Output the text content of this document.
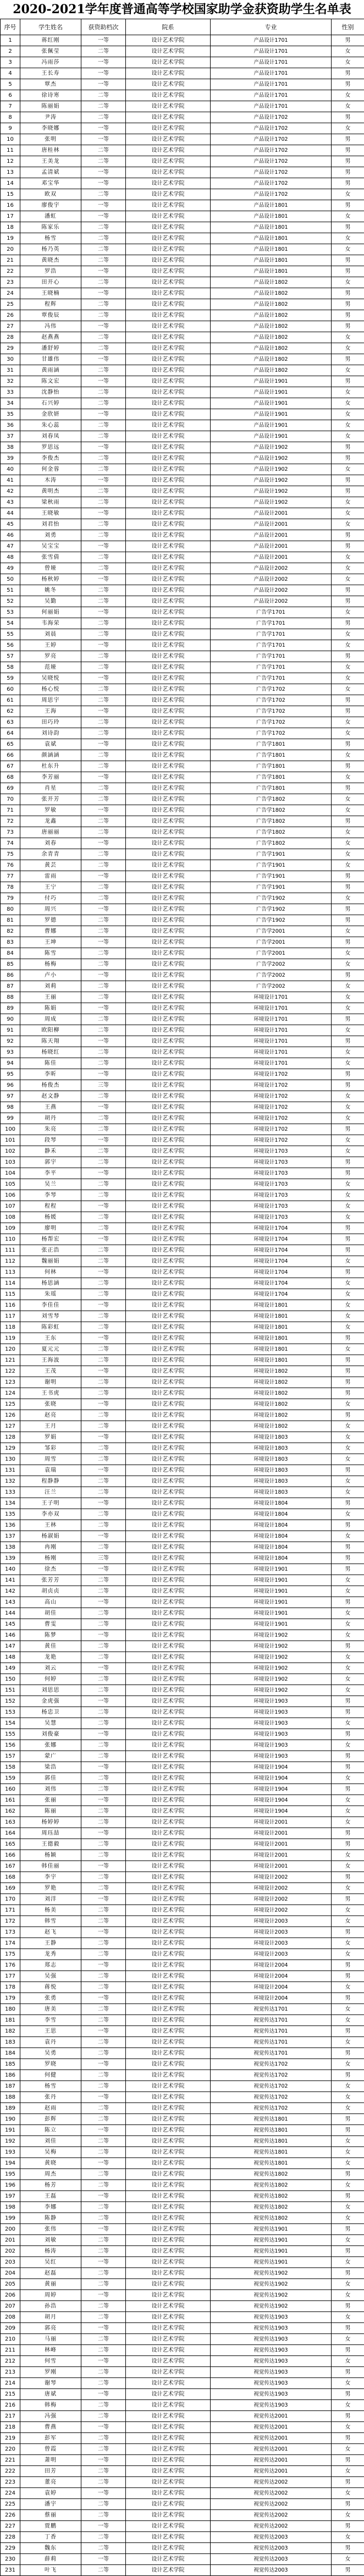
2020-2021学年度普通高等学校国家助学金获资助学生名单表
序号	学生姓名	获资助档次	院系	专业	性别
1	蒋红刚	一等	设计艺术学院	产品设计1701	男
2	张佩莹	二等	设计艺术学院	产品设计1701	女
3	冯雨莎	一等	设计艺术学院	产品设计1701	女
4	王长寿	一等	设计艺术学院	产品设计1701	男
5	覃杰	一等	设计艺术学院	产品设计1701	男
6	徐诗寒	二等	设计艺术学院	产品设计1701	女
7	陈丽娟	二等	设计艺术学院	产品设计1701	女
8	尹涛	二等	设计艺术学院	产品设计1702	男
9	李晓娜	一等	设计艺术学院	产品设计1702	女
10	张明	一等	设计艺术学院	产品设计1702	男
11	唐桂林	二等	设计艺术学院	产品设计1702	男
12	王美龙	二等	设计艺术学院	产品设计1702	男
13	孟清斌	一等	设计艺术学院	产品设计1702	男
14	邓宝华	一等	设计艺术学院	产品设计1702	男
15	欧双	二等	设计艺术学院	产品设计1702	女
16	廖俊宇	一等	设计艺术学院	产品设计1801	男
17	潘虹	一等	设计艺术学院	产品设计1801	女
18	陈家乐	二等	设计艺术学院	产品设计1801	男
19	杨雪	二等	设计艺术学院	产品设计1801	女
20	杨乃英	二等	设计艺术学院	产品设计1801	女
21	黄晓杰	二等	设计艺术学院	产品设计1801	男
22	罗浩	一等	设计艺术学院	产品设计1801	男
23	田开心	二等	设计艺术学院	产品设计1802	女
24	王晓楠	一等	设计艺术学院	产品设计1802	男
25	程辉	二等	设计艺术学院	产品设计1802	男
26	覃俊辰	二等	设计艺术学院	产品设计1802	男
27	冯伟	一等	设计艺术学院	产品设计1802	男
28	赵燕燕	二等	设计艺术学院	产品设计1802	女
29	潘舒婷	二等	设计艺术学院	产品设计1802	女
30	甘雄伟	一等	设计艺术学院	产品设计1802	男
31	黄雨涵	二等	设计艺术学院	产品设计1802	女
32	陈文宏	一等	设计艺术学院	产品设计1901	男
33	沈静怡	二等	设计艺术学院	产品设计1901	女
34	石兴婷	二等	设计艺术学院	产品设计1901	女
35	金欣妍	一等	设计艺术学院	产品设计1901	女
36	朱心蕊	二等	设计艺术学院	产品设计1901	女
37	刘春凤	二等	设计艺术学院	产品设计1901	女
38	罗思远	一等	设计艺术学院	产品设计1902	男
39	李俊杰	二等	设计艺术学院	产品设计1902	男
40	何金蓉	二等	设计艺术学院	产品设计1902	女
41	木涛	一等	设计艺术学院	产品设计1902	男
42	黄明杰	二等	设计艺术学院	产品设计1902	男
43	梁秋雨	二等	设计艺术学院	产品设计1902	女
44	王晓敏	一等	设计艺术学院	产品设计2001	女
45	刘君怡	二等	设计艺术学院	产品设计2001	女
46	刘勇	二等	设计艺术学院	产品设计2001	男
47	吴宝宝	一等	设计艺术学院	产品设计2001	男
48	张雪倩	二等	设计艺术学院	产品设计2001	女
49	曾娅	二等	设计艺术学院	产品设计2002	女
50	杨秋婷	一等	设计艺术学院	产品设计2002	女
51	姚冬	二等	设计艺术学院	产品设计2002	男
52	吴勤	二等	设计艺术学院	产品设计2002	男
53	何丽娟	一等	设计艺术学院	广告学1701	女
54	韦海荣	二等	设计艺术学院	广告学1701	男
55	刘晨	二等	设计艺术学院	广告学1701	女
56	王婷	一等	设计艺术学院	广告学1701	女
57	罗亮	二等	设计艺术学院	广告学1701	男
58	范娅	二等	设计艺术学院	广告学1701	女
59	吴晓悦	一等	设计艺术学院	广告学1701	女
60	杨心悦	二等	设计艺术学院	广告学1702	女
61	周思宇	二等	设计艺术学院	广告学1702	男
62	王海	一等	设计艺术学院	广告学1702	男
63	田巧玲	二等	设计艺术学院	广告学1702	女
64	刘诗韵	二等	设计艺术学院	广告学1702	女
65	袁斌	一等	设计艺术学院	广告学1801	男
66	颜涵涵	二等	设计艺术学院	广告学1801	女
67	杜东升	二等	设计艺术学院	广告学1801	男
68	李芳丽	一等	设计艺术学院	广告学1801	女
69	肖星	二等	设计艺术学院	广告学1801	男
70	张开芳	二等	设计艺术学院	广告学1802	女
71	罗敏	一等	设计艺术学院	广告学1802	女
72	龙鑫	二等	设计艺术学院	广告学1802	男
73	唐丽丽	二等	设计艺术学院	广告学1802	女
74	刘春	一等	设计艺术学院	广告学1802	女
75	余青青	二等	设计艺术学院	广告学1901	女
76	黄芸	二等	设计艺术学院	广告学1901	女
77	雷雨	一等	设计艺术学院	广告学1901	男
78	王宁	二等	设计艺术学院	广告学1901	男
79	付巧	二等	设计艺术学院	广告学1902	女
80	周兴	一等	设计艺术学院	广告学1902	男
81	罗德	二等	设计艺术学院	广告学1902	男
82	曹娜	二等	设计艺术学院	广告学2001	女
83	王坤	一等	设计艺术学院	广告学2001	男
84	陈雪	二等	设计艺术学院	广告学2001	女
85	杨梅	二等	设计艺术学院	广告学2002	女
86	卢小	一等	设计艺术学院	广告学2002	男
87	刘莉	二等	设计艺术学院	广告学2002	女
88	王丽	二等	设计艺术学院	环境设计1701	女
89	陈娟	一等	设计艺术学院	环境设计1701	女
90	周成	二等	设计艺术学院	环境设计1701	男
91	欧阳柳	二等	设计艺术学院	环境设计1701	女
92	陈天翔	一等	设计艺术学院	环境设计1701	男
93	杨晓红	二等	设计艺术学院	环境设计1701	女
94	陈佳	二等	设计艺术学院	环境设计1701	女
95	李昕	一等	设计艺术学院	环境设计1702	男
96	杨俊杰	三等	设计艺术学院	环境设计1702	男
97	赵文静	二等	设计艺术学院	环境设计1702	女
98	王燕	一等	设计艺术学院	环境设计1702	女
99	胡丹	二等	设计艺术学院	环境设计1702	女
100	朱亮	二等	设计艺术学院	环境设计1702	男
101	段琴	一等	设计艺术学院	环境设计1702	女
102	静禾	二等	设计艺术学院	环境设计1703	女
103	郭宇	二等	设计艺术学院	环境设计1703	男
104	李平	一等	设计艺术学院	环境设计1703	男
105	吴兰	二等	设计艺术学院	环境设计1703	女
106	李琴	二等	设计艺术学院	环境设计1703	女
107	程程	一等	设计艺术学院	环境设计1703	女
108	杨媛	二等	设计艺术学院	环境设计1703	女
109	廖明	二等	设计艺术学院	环境设计1704	男
110	杨帮宏	一等	设计艺术学院	环境设计1704	男
111	张正浩	二等	设计艺术学院	环境设计1704	男
112	魏丽娟	二等	设计艺术学院	环境设计1704	女
113	何林	一等	设计艺术学院	环境设计1704	男
114	杨思涵	二等	设计艺术学院	环境设计1704	女
115	朱瑶	二等	设计艺术学院	环境设计1704	女
116	李佳佳	一等	设计艺术学院	环境设计1801	女
117	刘雪琴	二等	设计艺术学院	环境设计1801	女
118	陈彩虹	二等	设计艺术学院	环境设计1801	女
119	王东	一等	设计艺术学院	环境设计1801	男
120	夏元元	二等	设计艺术学院	环境设计1801	女
121	王海波	二等	设计艺术学院	环境设计1801	男
122	王茂	一等	设计艺术学院	环境设计1802	男
123	谢明	二等	设计艺术学院	环境设计1802	男
124	王书虎	二等	设计艺术学院	环境设计1802	男
125	张晓	一等	设计艺术学院	环境设计1802	女
126	赵亮	二等	设计艺术学院	环境设计1802	男
127	王月	二等	设计艺术学院	环境设计1802	女
128	罗娟	一等	设计艺术学院	环境设计1803	女
129	邹彩	二等	设计艺术学院	环境设计1803	女
130	周雪	二等	设计艺术学院	环境设计1803	女
131	袁瑞	一等	设计艺术学院	环境设计1803	男
132	程静静	二等	设计艺术学院	环境设计1803	女
133	汪兰	二等	设计艺术学院	环境设计1803	女
134	王子明	一等	设计艺术学院	环境设计1804	男
135	李亦双	二等	设计艺术学院	环境设计1804	女
136	王林	二等	设计艺术学院	环境设计1804	男
137	杨淑娟	一等	设计艺术学院	环境设计1804	女
138	冉刚	二等	设计艺术学院	环境设计1804	男
139	杨刚	三等	设计艺术学院	环境设计1804	男
140	徐杰	一等	设计艺术学院	环境设计1901	男
141	张芳芳	二等	设计艺术学院	环境设计1901	女
142	胡贞贞	二等	设计艺术学院	环境设计1901	女
143	高山	一等	设计艺术学院	环境设计1901	男
144	胡佳	二等	设计艺术学院	环境设计1901	女
145	曹雯	二等	设计艺术学院	环境设计1901	女
146	陈梦	一等	设计艺术学院	环境设计1902	女
147	黄佳	二等	设计艺术学院	环境设计1902	男
148	龙艳	二等	设计艺术学院	环境设计1902	女
149	刘云	一等	设计艺术学院	环境设计1902	女
150	何婷	二等	设计艺术学院	环境设计1902	女
151	刘思思	二等	设计艺术学院	环境设计1902	女
152	金虎强	一等	设计艺术学院	环境设计1903	男
153	杨忠卫	二等	设计艺术学院	环境设计1903	男
154	吴慧	二等	设计艺术学院	环境设计1903	女
155	刘俊豪	一等	设计艺术学院	环境设计1903	男
156	张娜	二等	设计艺术学院	环境设计1903	女
157	蒙广	二等	设计艺术学院	环境设计1903	男
158	梁浩	一等	设计艺术学院	环境设计1904	男
159	郭佳	二等	设计艺术学院	环境设计1904	女
160	刘伟	二等	设计艺术学院	环境设计1904	男
161	张丽	一等	设计艺术学院	环境设计1904	女
162	陈丽	二等	设计艺术学院	环境设计1904	女
163	杨婷婷	二等	设计艺术学院	环境设计2001	女
164	周珏喆	一等	设计艺术学院	环境设计2001	男
165	王德毅	二等	设计艺术学院	环境设计2001	男
166	杨颖	二等	设计艺术学院	环境设计2001	女
167	韩佳丽	一等	设计艺术学院	环境设计2001	女
168	李宇	二等	设计艺术学院	环境设计2002	男
169	罗艳	二等	设计艺术学院	环境设计2002	女
170	刘洋	一等	设计艺术学院	环境设计2002	男
171	杨美	二等	设计艺术学院	环境设计2002	女
172	韩雪	二等	设计艺术学院	环境设计2003	女
173	赵飞	一等	设计艺术学院	环境设计2003	男
174	王静	二等	设计艺术学院	环境设计2003	女
175	龙秀	二等	设计艺术学院	环境设计2003	女
176	郑志	一等	设计艺术学院	环境设计2004	男
177	吴强	二等	设计艺术学院	环境设计2004	男
178	蒋悦	二等	设计艺术学院	环境设计2004	女
179	张勇	一等	设计艺术学院	环境设计2004	男
180	唐美	二等	设计艺术学院	视觉传达1701	女
181	李雪	二等	设计艺术学院	视觉传达1701	女
182	王思	一等	设计艺术学院	视觉传达1701	男
183	袁丹	二等	设计艺术学院	视觉传达1701	女
184	吴勇	二等	设计艺术学院	视觉传达1701	男
185	罗晓	一等	设计艺术学院	视觉传达1702	女
186	何健	二等	设计艺术学院	视觉传达1702	男
187	杨雪	二等	设计艺术学院	视觉传达1702	女
188	张丹	一等	设计艺术学院	视觉传达1702	女
189	赵雨	二等	设计艺术学院	视觉传达1702	女
190	彭辉	二等	设计艺术学院	视觉传达1801	男
191	陈立	一等	设计艺术学院	视觉传达1801	男
192	刘佳	二等	设计艺术学院	视觉传达1801	女
193	吴梅	二等	设计艺术学院	视觉传达1801	女
194	黄晓	一等	设计艺术学院	视觉传达1801	女
195	周杰	二等	设计艺术学院	视觉传达1802	男
196	杨芳	二等	设计艺术学院	视觉传达1802	女
197	王磊	一等	设计艺术学院	视觉传达1802	男
198	李娜	二等	设计艺术学院	视觉传达1802	女
199	陈静	二等	设计艺术学院	视觉传达1802	女
200	张伟	一等	设计艺术学院	视觉传达1901	男
201	刘敏	二等	设计艺术学院	视觉传达1901	女
202	杨涛	二等	设计艺术学院	视觉传达1901	男
203	吴红	一等	设计艺术学院	视觉传达1901	女
204	赵磊	二等	设计艺术学院	视觉传达1902	男
205	黄丽	二等	设计艺术学院	视觉传达1902	女
206	周婷	一等	设计艺术学院	视觉传达1902	女
207	孙浩	二等	设计艺术学院	视觉传达1902	男
208	胡月	二等	设计艺术学院	视觉传达1903	女
209	郭亮	一等	设计艺术学院	视觉传达1903	男
210	马丽	二等	设计艺术学院	视觉传达1903	女
211	林峰	二等	设计艺术学院	视觉传达1903	男
212	何雪	一等	设计艺术学院	视觉传达1903	女
213	罗刚	二等	设计艺术学院	视觉传达1903	男
214	谢琴	二等	设计艺术学院	视觉传达1903	女
215	唐斌	一等	设计艺术学院	视觉传达1903	男
216	韩梅	二等	设计艺术学院	视觉传达1903	女
217	冯强	二等	设计艺术学院	视觉传达2001	男
218	曹燕	一等	设计艺术学院	视觉传达2001	女
219	彭军	二等	设计艺术学院	视觉传达2001	男
220	曾霞	二等	设计艺术学院	视觉传达2001	女
221	萧明	一等	设计艺术学院	视觉传达2001	男
222	田芳	二等	设计艺术学院	视觉传达2001	女
223	董亮	二等	设计艺术学院	视觉传达2002	男
224	袁婷	一等	设计艺术学院	视觉传达2002	女
225	潘宇	二等	设计艺术学院	视觉传达2002	男
226	蔡丽	二等	设计艺术学院	视觉传达2002	女
227	贾鹏	一等	设计艺术学院	视觉传达2002	男
228	丁香	二等	设计艺术学院	视觉传达2003	女
229	魏东	二等	设计艺术学院	视觉传达2003	男
230	薛莉	一等	设计艺术学院	视觉传达2003	女
231	叶飞	二等	设计艺术学院	视觉传达2003	男
